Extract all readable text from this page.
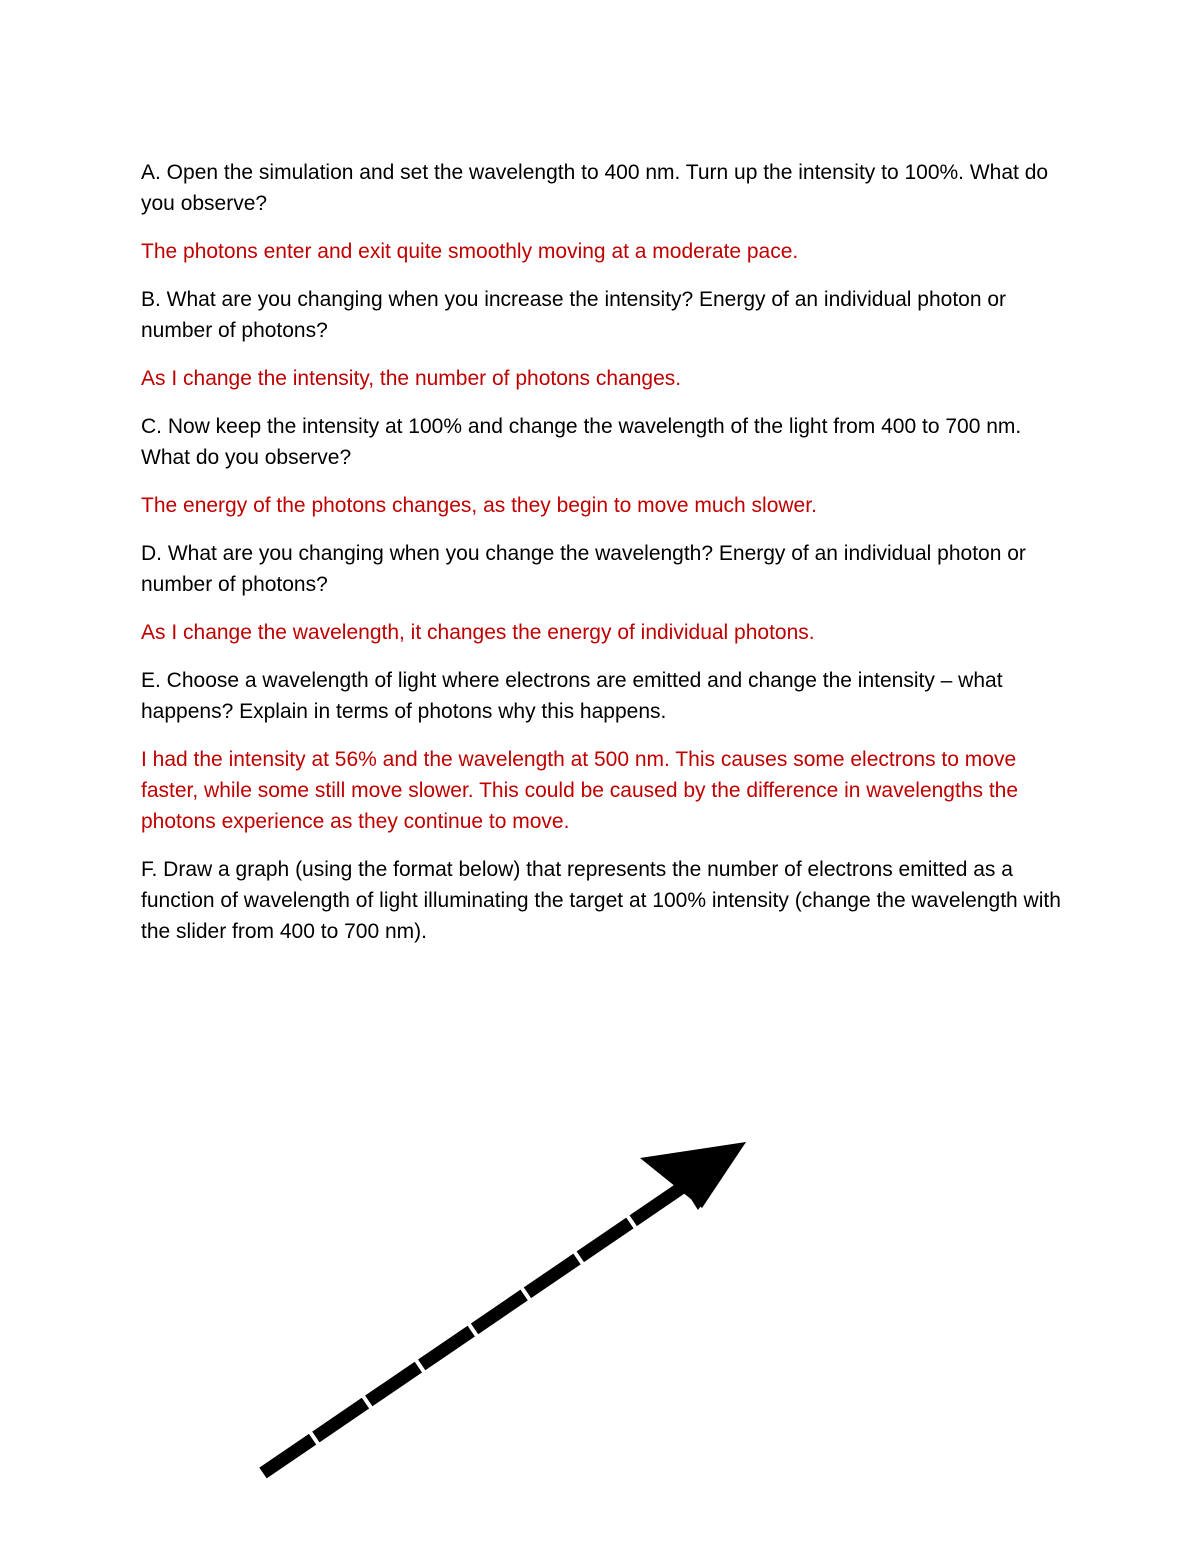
A. Open the simulation and set the wavelength to 400 nm. Turn up the intensity to 100%. What do you observe?

The photons enter and exit quite smoothly moving at a moderate pace.

B. What are you changing when you increase the intensity? Energy of an individual photon or number of photons?

As I change the intensity, the number of photons changes.

C. Now keep the intensity at 100% and change the wavelength of the light from 400 to 700 nm. What do you observe?

The energy of the photons changes, as they begin to move much slower.

D. What are you changing when you change the wavelength? Energy of an individual photon or number of photons?

As I change the wavelength, it changes the energy of individual photons.

E. Choose a wavelength of light where electrons are emitted and change the intensity – what happens? Explain in terms of photons why this happens.

I had the intensity at 56% and the wavelength at 500 nm. This causes some electrons to move faster, while some still move slower. This could be caused by the difference in wavelengths the photons experience as they continue to move.

F. Draw a graph (using the format below) that represents the number of electrons emitted as a function of wavelength of light illuminating the target at 100% intensity (change the wavelength with the slider from 400 to 700 nm).
